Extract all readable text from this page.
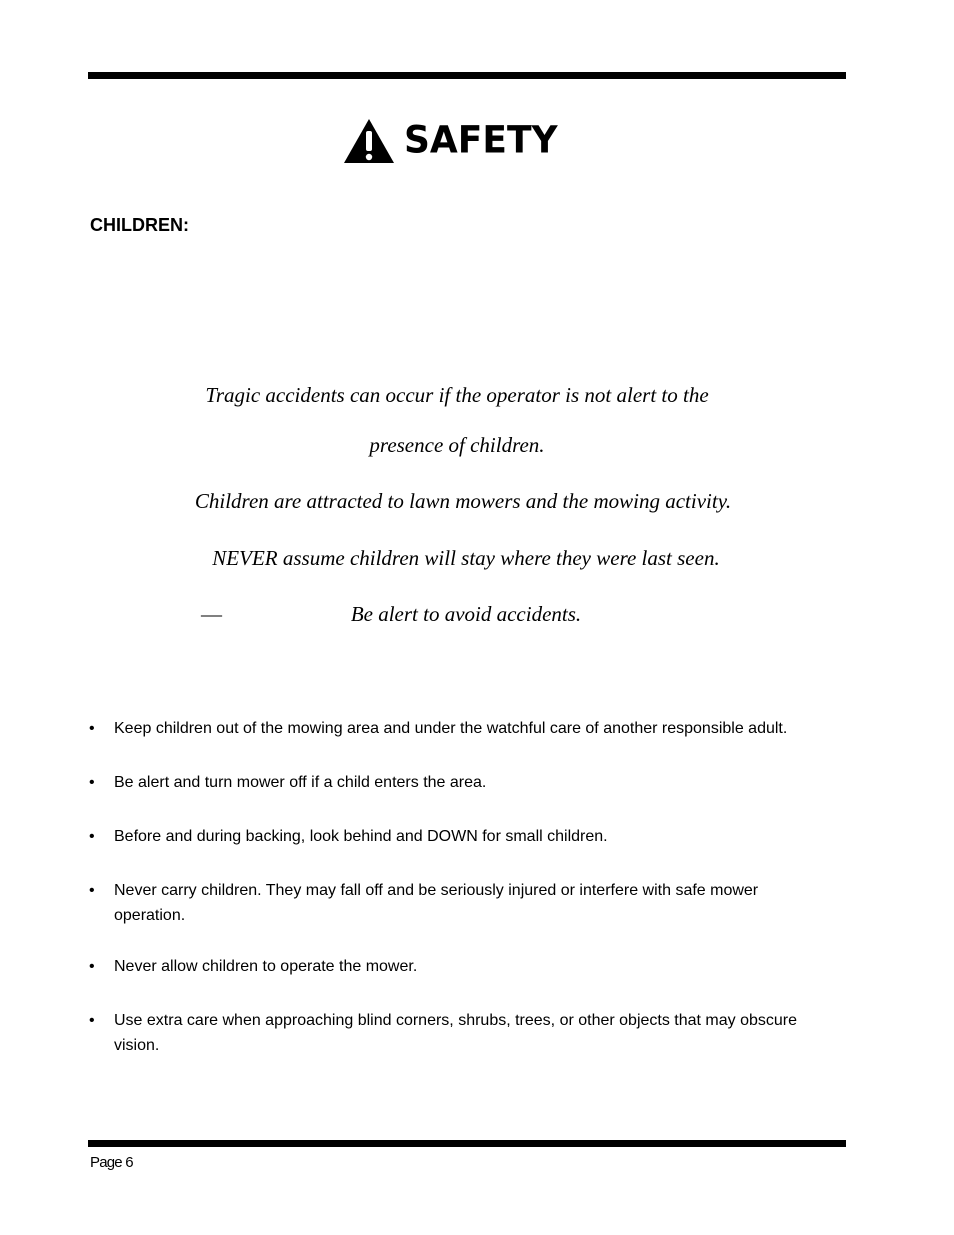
SAFETY
CHILDREN:
Tragic accidents can occur if the operator is not alert to the
presence of children.
Children are attracted to lawn mowers and the mowing activity.
NEVER assume children will stay where they were last seen.
—	Be alert to avoid accidents.
• Keep children out of the mowing area and under the watchful care of another responsible adult.
• Be alert and turn mower off if a child enters the area.
• Before and during backing, look behind and DOWN for small children.
• Never carry children. They may fall off and be seriously injured or interfere with safe mower operation.
• Never allow children to operate the mower.
• Use extra care when approaching blind corners, shrubs, trees, or other objects that may obscure vision.
Page 6
